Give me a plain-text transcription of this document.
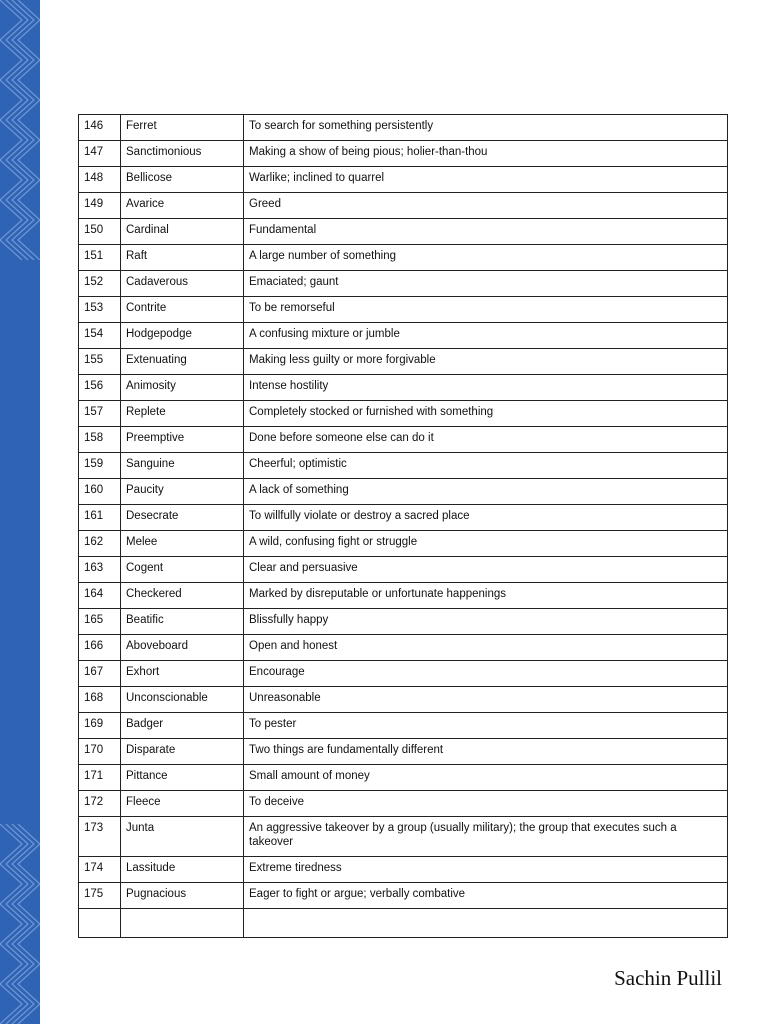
146	Ferret	To search for something persistently
147	Sanctimonious	Making a show of being pious; holier-than-thou
148	Bellicose	Warlike; inclined to quarrel
149	Avarice	Greed
150	Cardinal	Fundamental
151	Raft	A large number of something
152	Cadaverous	Emaciated; gaunt
153	Contrite	To be remorseful
154	Hodgepodge	A confusing mixture or jumble
155	Extenuating	Making less guilty or more forgivable
156	Animosity	Intense hostility
157	Replete	Completely stocked or furnished with something
158	Preemptive	Done before someone else can do it
159	Sanguine	Cheerful; optimistic
160	Paucity	A lack of something
161	Desecrate	To willfully violate or destroy a sacred place
162	Melee	A wild, confusing fight or struggle
163	Cogent	Clear and persuasive
164	Checkered	Marked by disreputable or unfortunate happenings
165	Beatific	Blissfully happy
166	Aboveboard	Open and honest
167	Exhort	Encourage
168	Unconscionable	Unreasonable
169	Badger	To pester
170	Disparate	Two things are fundamentally different
171	Pittance	Small amount of money
172	Fleece	To deceive
173	Junta	An aggressive takeover by a group (usually military); the group that executes such a takeover
174	Lassitude	Extreme tiredness
175	Pugnacious	Eager to fight or argue; verbally combative

Sachin Pullil
